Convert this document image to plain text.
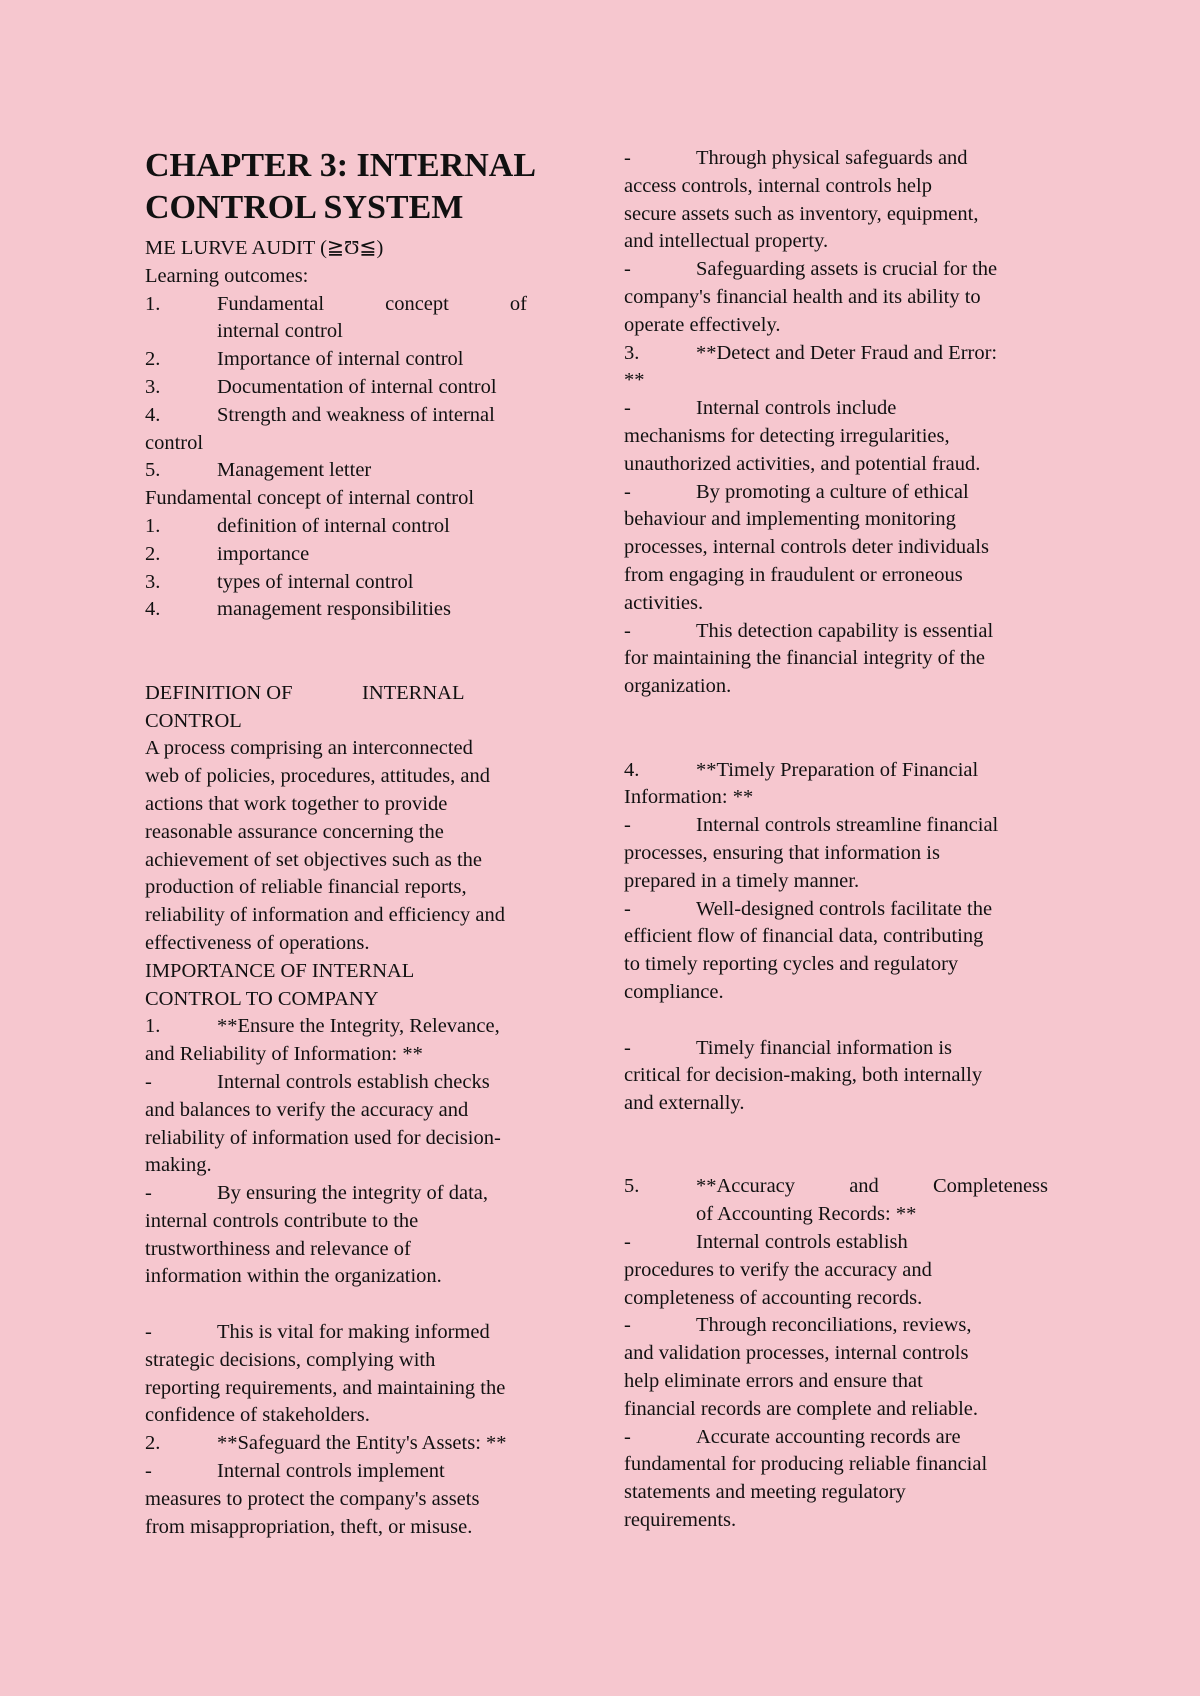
CHAPTER 3: INTERNAL
CONTROL SYSTEM
ME LURVE AUDIT (≧Ʊ≦)
Learning outcomes:
1.	Fundamental	concept	of
internal control
2.	Importance of internal control
3.	Documentation of internal control
4.	Strength and weakness of internal
control
5.	Management letter
Fundamental concept of internal control
1.	definition of internal control
2.	importance
3.	types of internal control
4.	management responsibilities
DEFINITION OF	INTERNAL
CONTROL
A process comprising an interconnected
web of policies, procedures, attitudes, and
actions that work together to provide
reasonable assurance concerning the
achievement of set objectives such as the
production of reliable financial reports,
reliability of information and efficiency and
effectiveness of operations.
IMPORTANCE OF INTERNAL
CONTROL TO COMPANY
1.	**Ensure the Integrity, Relevance,
and Reliability of Information: **
-	Internal controls establish checks
and balances to verify the accuracy and
reliability of information used for decision-
making.
-	By ensuring the integrity of data,
internal controls contribute to the
trustworthiness and relevance of
information within the organization.
-	This is vital for making informed
strategic decisions, complying with
reporting requirements, and maintaining the
confidence of stakeholders.
2.	**Safeguard the Entity's Assets: **
-	Internal controls implement
measures to protect the company's assets
from misappropriation, theft, or misuse.
-	Through physical safeguards and
access controls, internal controls help
secure assets such as inventory, equipment,
and intellectual property.
-	Safeguarding assets is crucial for the
company's financial health and its ability to
operate effectively.
3.	**Detect and Deter Fraud and Error:
**
-	Internal controls include
mechanisms for detecting irregularities,
unauthorized activities, and potential fraud.
-	By promoting a culture of ethical
behaviour and implementing monitoring
processes, internal controls deter individuals
from engaging in fraudulent or erroneous
activities.
-	This detection capability is essential
for maintaining the financial integrity of the
organization.
4.	**Timely Preparation of Financial
Information: **
-	Internal controls streamline financial
processes, ensuring that information is
prepared in a timely manner.
-	Well-designed controls facilitate the
efficient flow of financial data, contributing
to timely reporting cycles and regulatory
compliance.
-	Timely financial information is
critical for decision-making, both internally
and externally.
5.	**Accuracy	and	Completeness
of Accounting Records: **
-	Internal controls establish
procedures to verify the accuracy and
completeness of accounting records.
-	Through reconciliations, reviews,
and validation processes, internal controls
help eliminate errors and ensure that
financial records are complete and reliable.
-	Accurate accounting records are
fundamental for producing reliable financial
statements and meeting regulatory
requirements.
